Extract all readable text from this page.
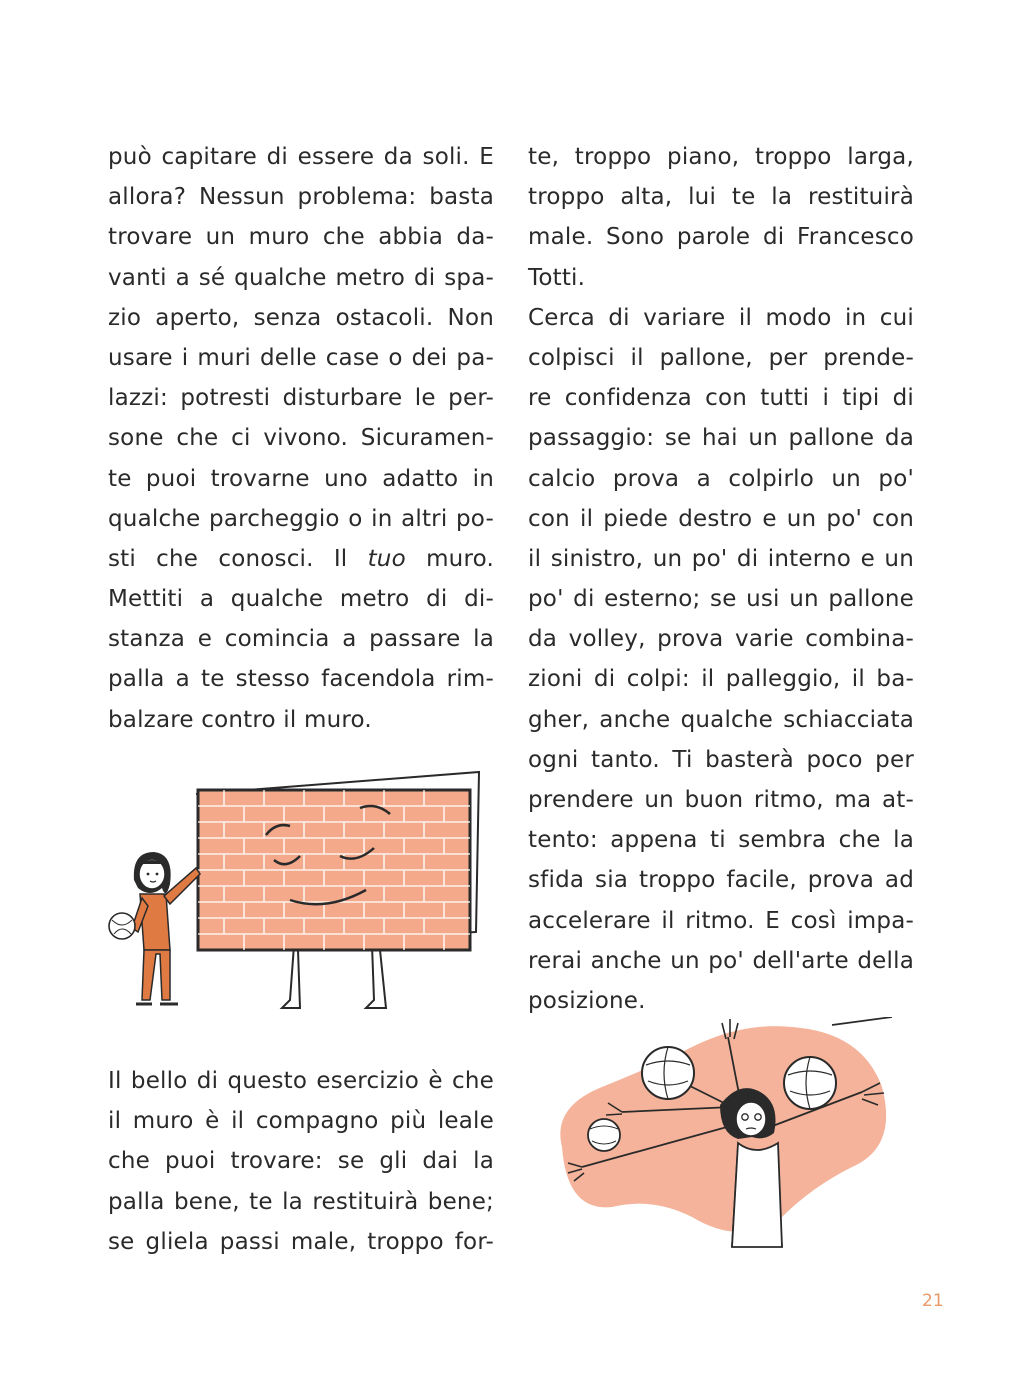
può capitare di essere da soli. E
allora? Nessun problema: basta
trovare un muro che abbia da-
vanti a sé qualche metro di spa-
zio aperto, senza ostacoli. Non
usare i muri delle case o dei pa-
lazzi: potresti disturbare le per-
sone che ci vivono. Sicuramen-
te puoi trovarne uno adatto in
qualche parcheggio o in altri po-
sti che conosci. Il tuo muro.
Mettiti a qualche metro di di-
stanza e comincia a passare la
palla a te stesso facendola rim-
balzare contro il muro.
Il bello di questo esercizio è che
il muro è il compagno più leale
che puoi trovare: se gli dai la
palla bene, te la restituirà bene;
se gliela passi male, troppo for-
te, troppo piano, troppo larga,
troppo alta, lui te la restituirà
male. Sono parole di Francesco
Totti.
Cerca di variare il modo in cui
colpisci il pallone, per prende-
re confidenza con tutti i tipi di
passaggio: se hai un pallone da
calcio prova a colpirlo un po'
con il piede destro e un po' con
il sinistro, un po' di interno e un
po' di esterno; se usi un pallone
da volley, prova varie combina-
zioni di colpi: il palleggio, il ba-
gher, anche qualche schiacciata
ogni tanto. Ti basterà poco per
prendere un buon ritmo, ma at-
tento: appena ti sembra che la
sfida sia troppo facile, prova ad
accelerare il ritmo. E così impa-
rerai anche un po' dell'arte della
posizione.
21
